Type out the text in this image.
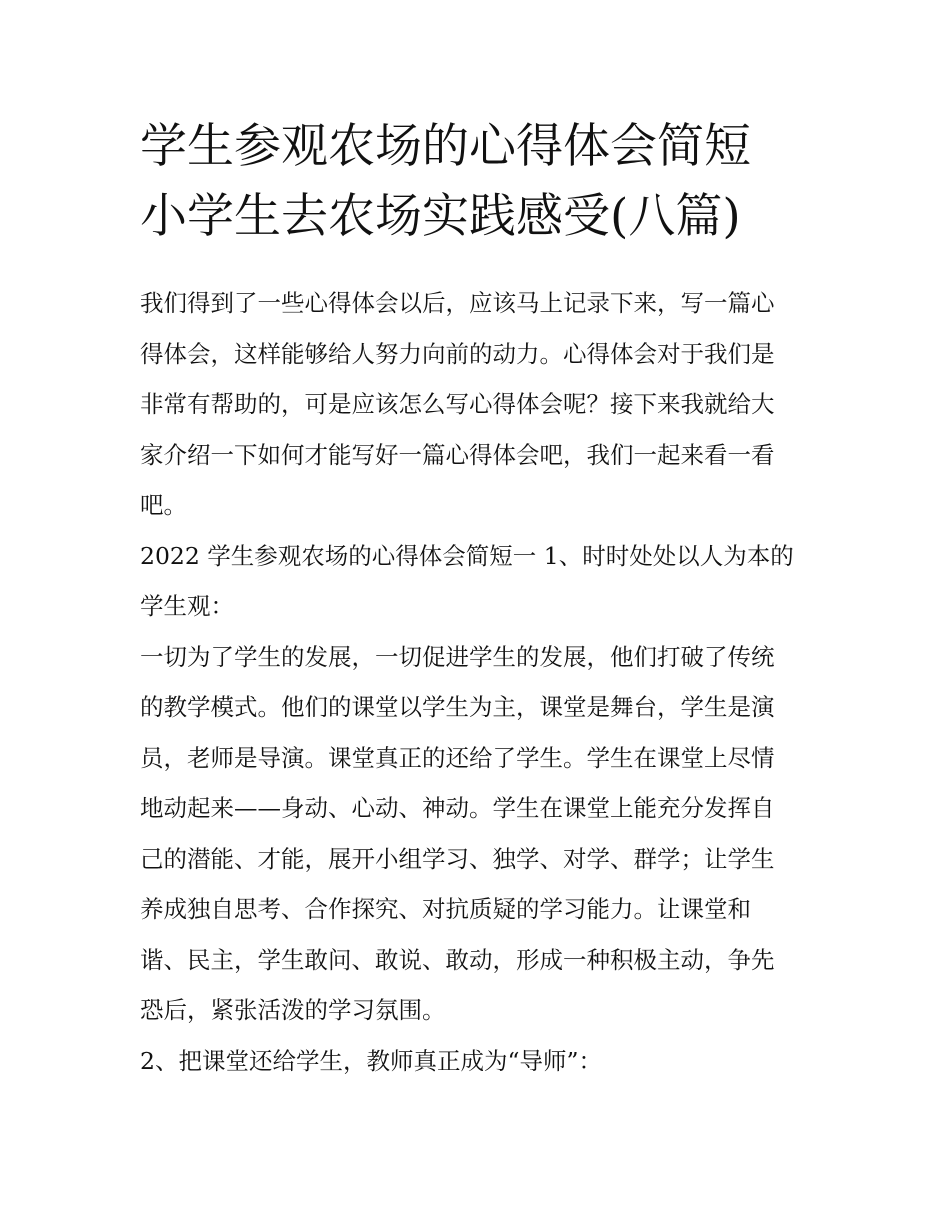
学生参观农场的心得体会简短
小学生去农场实践感受(八篇)

我们得到了一些心得体会以后，应该马上记录下来，写一篇心
得体会，这样能够给人努力向前的动力。心得体会对于我们是
非常有帮助的，可是应该怎么写心得体会呢？接下来我就给大
家介绍一下如何才能写好一篇心得体会吧，我们一起来看一看
吧。

2022 学生参观农场的心得体会简短一 1、时时处处以人为本的
学生观：

一切为了学生的发展，一切促进学生的发展，他们打破了传统
的教学模式。他们的课堂以学生为主，课堂是舞台，学生是演
员，老师是导演。课堂真正的还给了学生。学生在课堂上尽情
地动起来——身动、心动、神动。学生在课堂上能充分发挥自
己的潜能、才能，展开小组学习、独学、对学、群学；让学生
养成独自思考、合作探究、对抗质疑的学习能力。让课堂和
谐、民主，学生敢问、敢说、敢动，形成一种积极主动，争先
恐后，紧张活泼的学习氛围。

2、把课堂还给学生，教师真正成为“导师”：
